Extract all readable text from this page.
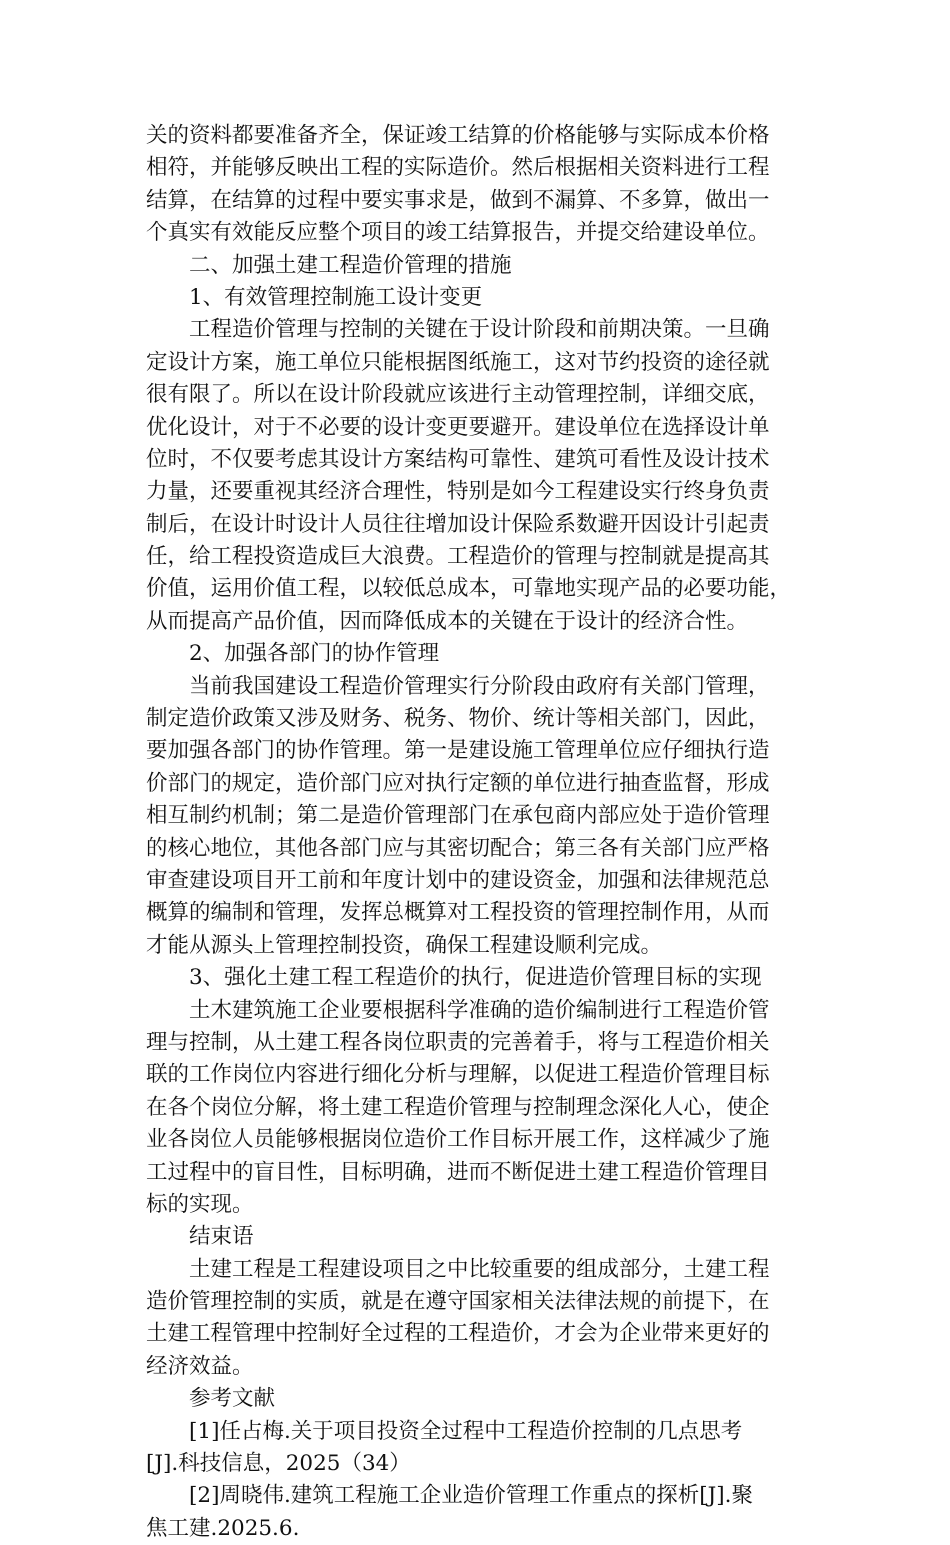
关的资料都要准备齐全，保证竣工结算的价格能够与实际成本价格
相符，并能够反映出工程的实际造价。然后根据相关资料进行工程
结算，在结算的过程中要实事求是，做到不漏算、不多算，做出一
个真实有效能反应整个项目的竣工结算报告，并提交给建设单位。
二、加强土建工程造价管理的措施
1、有效管理控制施工设计变更
工程造价管理与控制的关键在于设计阶段和前期决策。一旦确
定设计方案，施工单位只能根据图纸施工，这对节约投资的途径就
很有限了。所以在设计阶段就应该进行主动管理控制，详细交底，
优化设计，对于不必要的设计变更要避开。建设单位在选择设计单
位时，不仅要考虑其设计方案结构可靠性、建筑可看性及设计技术
力量，还要重视其经济合理性，特别是如今工程建设实行终身负责
制后，在设计时设计人员往往增加设计保险系数避开因设计引起责
任，给工程投资造成巨大浪费。工程造价的管理与控制就是提高其
价值，运用价值工程，以较低总成本，可靠地实现产品的必要功能，
从而提高产品价值，因而降低成本的关键在于设计的经济合性。
2、加强各部门的协作管理
当前我国建设工程造价管理实行分阶段由政府有关部门管理，
制定造价政策又涉及财务、税务、物价、统计等相关部门，因此，
要加强各部门的协作管理。第一是建设施工管理单位应仔细执行造
价部门的规定，造价部门应对执行定额的单位进行抽查监督，形成
相互制约机制；第二是造价管理部门在承包商内部应处于造价管理
的核心地位，其他各部门应与其密切配合；第三各有关部门应严格
审查建设项目开工前和年度计划中的建设资金，加强和法律规范总
概算的编制和管理，发挥总概算对工程投资的管理控制作用，从而
才能从源头上管理控制投资，确保工程建设顺利完成。
3、强化土建工程工程造价的执行，促进造价管理目标的实现
土木建筑施工企业要根据科学准确的造价编制进行工程造价管
理与控制，从土建工程各岗位职责的完善着手，将与工程造价相关
联的工作岗位内容进行细化分析与理解，以促进工程造价管理目标
在各个岗位分解，将土建工程造价管理与控制理念深化人心，使企
业各岗位人员能够根据岗位造价工作目标开展工作，这样减少了施
工过程中的盲目性，目标明确，进而不断促进土建工程造价管理目
标的实现。
结束语
土建工程是工程建设项目之中比较重要的组成部分，土建工程
造价管理控制的实质，就是在遵守国家相关法律法规的前提下，在
土建工程管理中控制好全过程的工程造价，才会为企业带来更好的
经济效益。
参考文献
[1]任占梅.关于项目投资全过程中工程造价控制的几点思考
[J].科技信息，2025（34）
[2]周晓伟.建筑工程施工企业造价管理工作重点的探析[J].聚
焦工建.2025.6.
